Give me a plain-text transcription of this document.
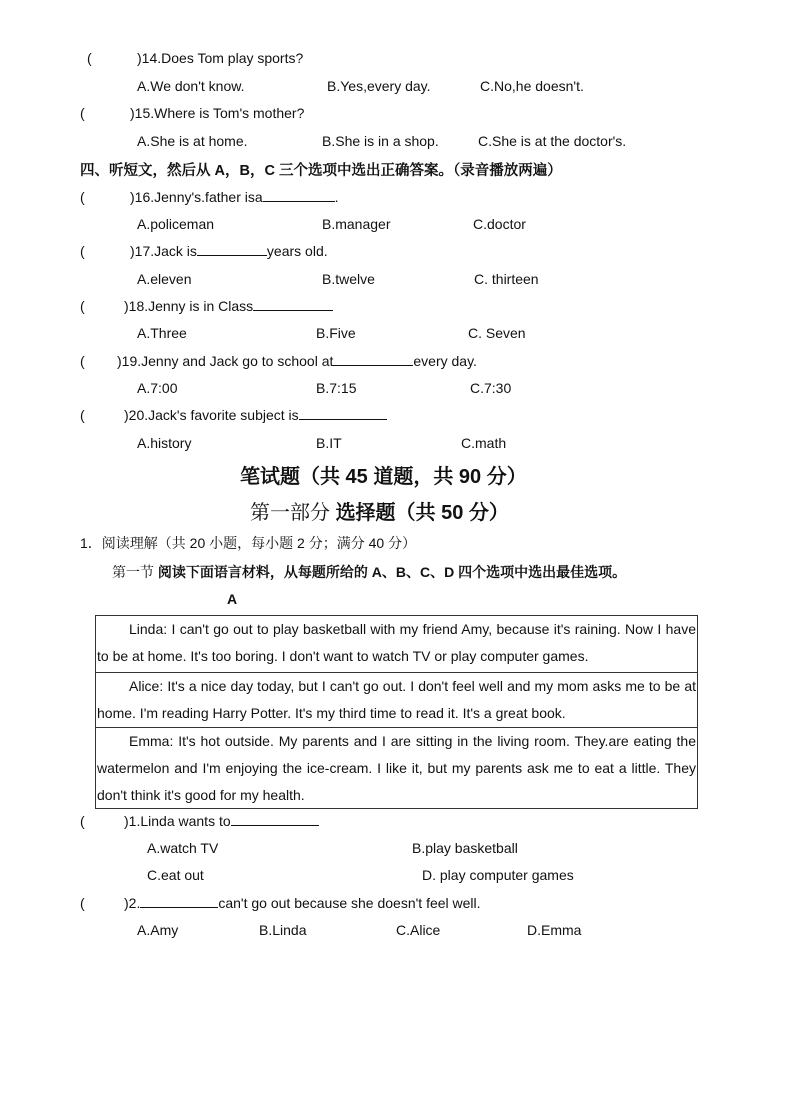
(	)14.Does Tom play sports?
A.We don't know.	B.Yes,every day.	C.No,he doesn't.
(	)15.Where is Tom's mother?
A.She is at home.	B.She is in a shop.	C.She is at the doctor's.
四、听短文，然后从 A，B，C 三个选项中选出正确答案。（录音播放两遍）
(	)16.Jenny's.father isa	.
A.policeman	B.manager	C.doctor
(	)17.Jack is	years old.
A.eleven	B.twelve	C. thirteen
(	)18.Jenny is in Class
A.Three	B.Five	C. Seven
( )19.Jenny and Jack go to school at	every day.
A.7:00	B.7:15	C.7:30
(	)20.Jack's favorite subject is
A.history	B.IT	C.math
笔试题（共 45 道题，共 90 分）
第一部分 选择题（共 50 分）
1．阅读理解（共 20 小题，每小题 2 分；满分 40 分）
第一节 阅读下面语言材料，从每题所给的 A、B、C、D 四个选项中选出最佳选项。
A
Linda: I can't go out to play basketball with my friend Amy, because it's raining. Now I have to be at home. It's too boring. I don't want to watch TV or play computer games.
Alice: It's a nice day today, but I can't go out. I don't feel well and my mom asks me to be at home. I'm reading Harry Potter. It's my third time to read it. It's a great book.
Emma: It's hot outside. My parents and I are sitting in the living room. They.are eating the watermelon and I'm enjoying the ice-cream. I like it, but my parents ask me to eat a little. They don't think it's good for my health.
(	)1.Linda wants to
A.watch TV	B.play basketball
C.eat out	D. play computer games
(	)2.	can't go out because she doesn't feel well.
A.Amy	B.Linda	C.Alice	D.Emma
